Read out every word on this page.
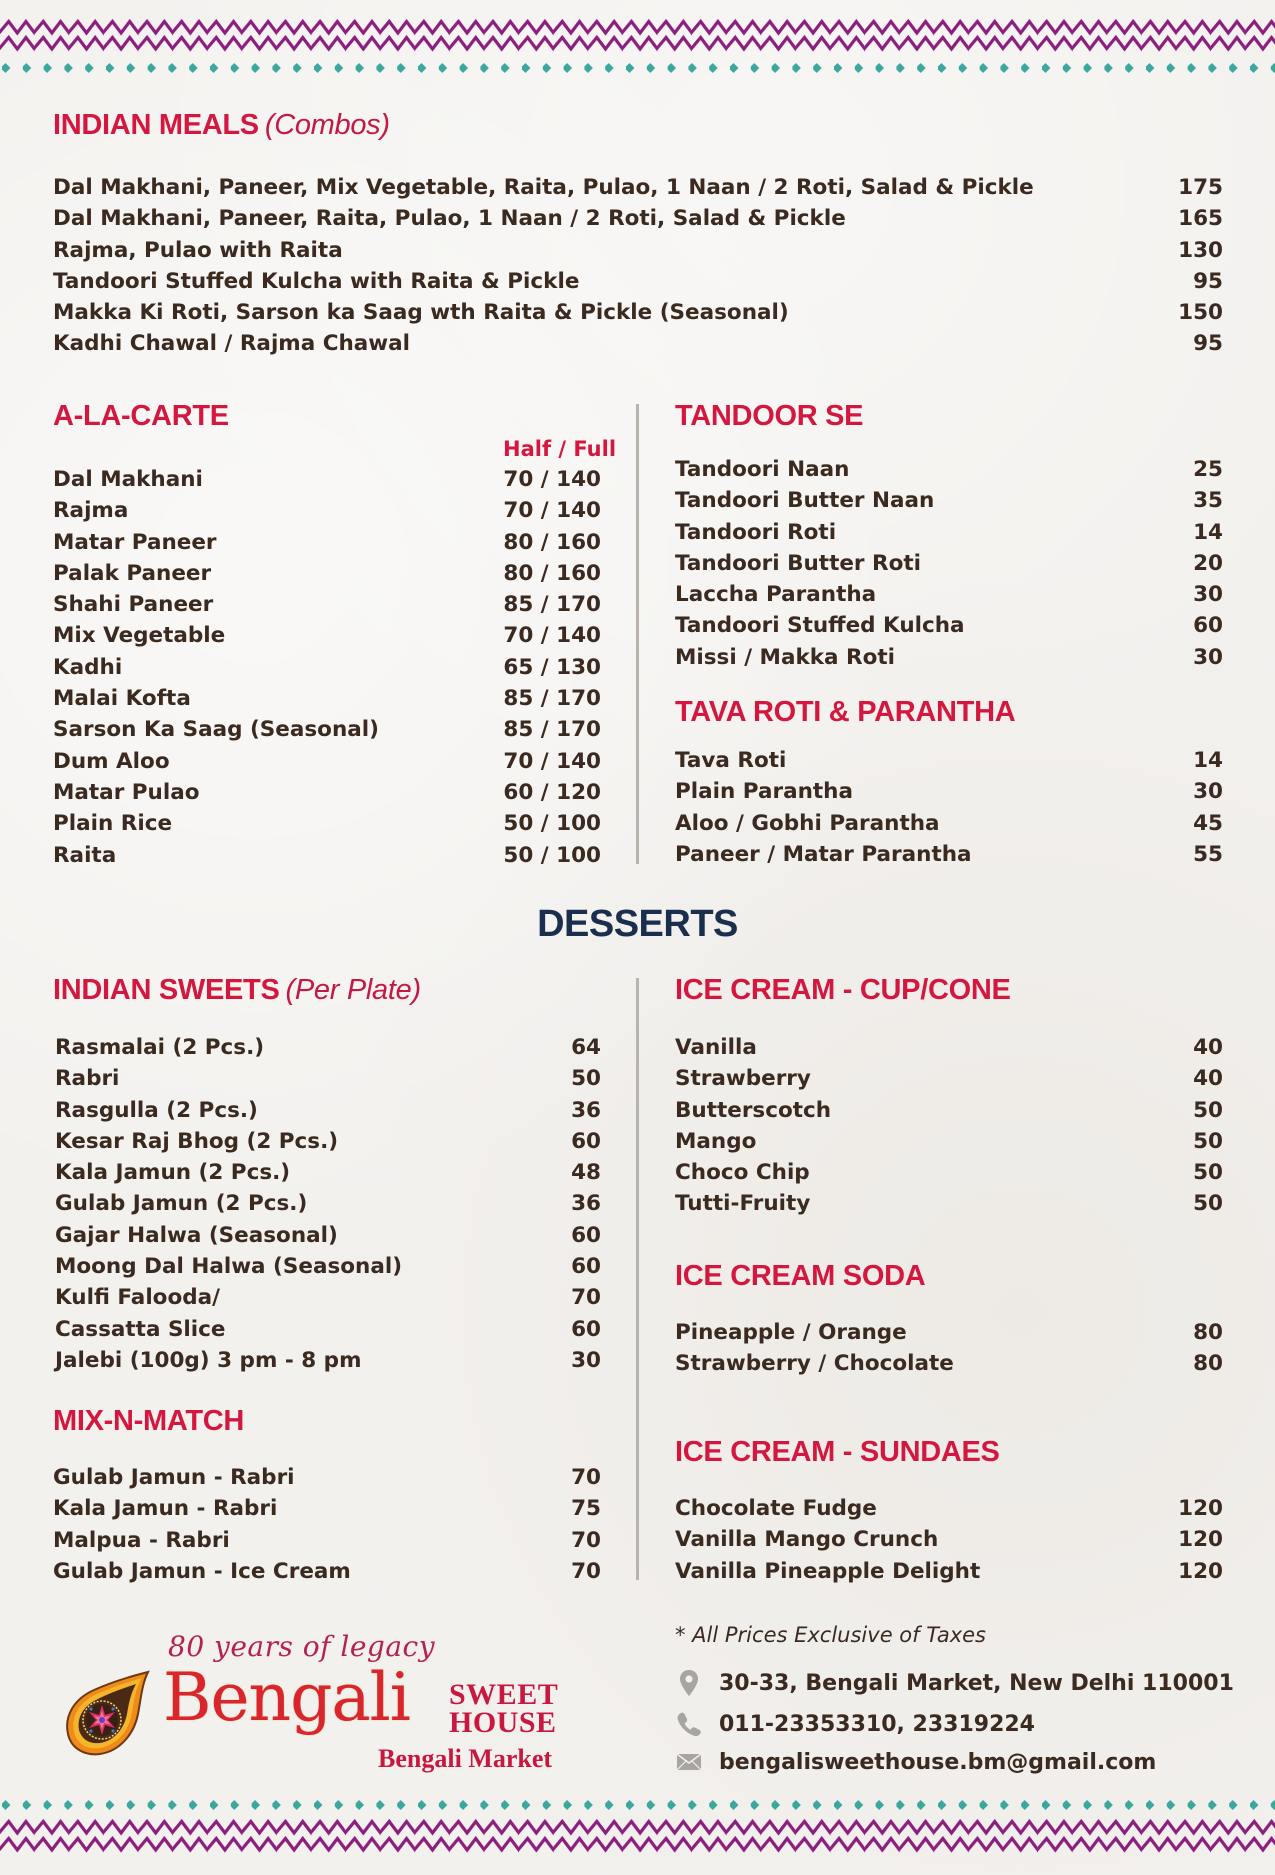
INDIAN MEALS (Combos)
Dal Makhani, Paneer, Mix Vegetable, Raita, Pulao, 1 Naan / 2 Roti, Salad & Pickle	175
Dal Makhani, Paneer, Raita, Pulao, 1 Naan / 2 Roti, Salad & Pickle	165
Rajma, Pulao with Raita	130
Tandoori Stuffed Kulcha with Raita & Pickle	95
Makka Ki Roti, Sarson ka Saag wth Raita & Pickle (Seasonal)	150
Kadhi Chawal / Rajma Chawal	95
A-LA-CARTE
Half / Full
Dal Makhani	70 / 140
Rajma	70 / 140
Matar Paneer	80 / 160
Palak Paneer	80 / 160
Shahi Paneer	85 / 170
Mix Vegetable	70 / 140
Kadhi	65 / 130
Malai Kofta	85 / 170
Sarson Ka Saag (Seasonal)	85 / 170
Dum Aloo	70 / 140
Matar Pulao	60 / 120
Plain Rice	50 / 100
Raita	50 / 100
TANDOOR SE
Tandoori Naan	25
Tandoori Butter Naan	35
Tandoori Roti	14
Tandoori Butter Roti	20
Laccha Parantha	30
Tandoori Stuffed Kulcha	60
Missi / Makka Roti	30
TAVA ROTI & PARANTHA
Tava Roti	14
Plain Parantha	30
Aloo / Gobhi Parantha	45
Paneer / Matar Parantha	55
DESSERTS
INDIAN SWEETS (Per Plate)
Rasmalai (2 Pcs.)	64
Rabri	50
Rasgulla (2 Pcs.)	36
Kesar Raj Bhog (2 Pcs.)	60
Kala Jamun (2 Pcs.)	48
Gulab Jamun (2 Pcs.)	36
Gajar Halwa (Seasonal)	60
Moong Dal Halwa (Seasonal)	60
Kulfi Falooda/	70
Cassatta Slice	60
Jalebi (100g) 3 pm - 8 pm	30
MIX-N-MATCH
Gulab Jamun - Rabri	70
Kala Jamun - Rabri	75
Malpua - Rabri	70
Gulab Jamun - Ice Cream	70
ICE CREAM - CUP/CONE
Vanilla	40
Strawberry	40
Butterscotch	50
Mango	50
Choco Chip	50
Tutti-Fruity	50
ICE CREAM SODA
Pineapple / Orange	80
Strawberry / Chocolate	80
ICE CREAM - SUNDAES
Chocolate Fudge	120
Vanilla Mango Crunch	120
Vanilla Pineapple Delight	120
80 years of legacy
Bengali SWEET
HOUSE
Bengali Market
* All Prices Exclusive of Taxes
30-33, Bengali Market, New Delhi 110001
011-23353310, 23319224
bengalisweethouse.bm@gmail.com
